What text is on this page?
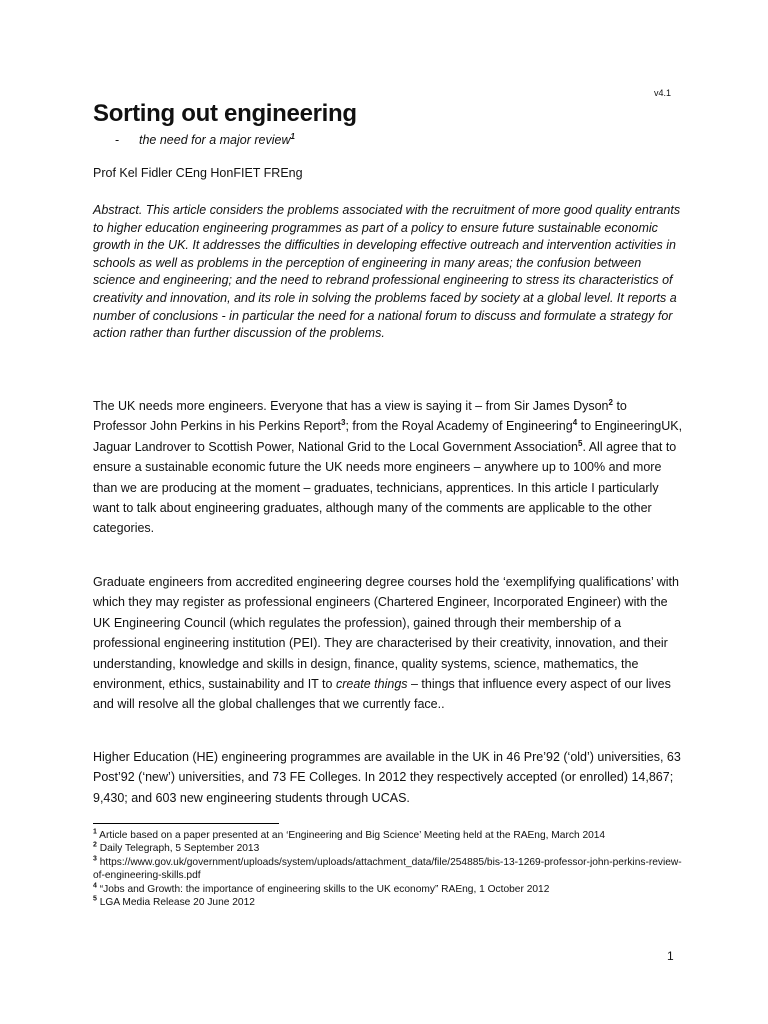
v4.1
Sorting out engineering
- the need for a major review$^1$
Prof Kel Fidler CEng HonFIET FREng

Abstract. This article considers the problems associated with the recruitment of more good quality entrants to higher education engineering programmes as part of a policy to ensure future sustainable economic growth in the UK. It addresses the difficulties in developing effective outreach and intervention activities in schools as well as problems in the perception of engineering in many areas; the confusion between science and engineering; and the need to rebrand professional engineering to stress its characteristics of creativity and innovation, and its role in solving the problems faced by society at a global level. It reports a number of conclusions - in particular the need for a national forum to discuss and formulate a strategy for action rather than further discussion of the problems.

The UK needs more engineers. Everyone that has a view is saying it – from Sir James Dyson$^2$ to Professor John Perkins in his Perkins Report$^3$; from the Royal Academy of Engineering$^4$ to EngineeringUK, Jaguar Landrover to Scottish Power, National Grid to the Local Government Association$^5$. All agree that to ensure a sustainable economic future the UK needs more engineers – anywhere up to 100% and more than we are producing at the moment – graduates, technicians, apprentices. In this article I particularly want to talk about engineering graduates, although many of the comments are applicable to the other categories.

Graduate engineers from accredited engineering degree courses hold the ‘exemplifying qualifications’ with which they may register as professional engineers (Chartered Engineer, Incorporated Engineer) with the UK Engineering Council (which regulates the profession), gained through their membership of a professional engineering institution (PEI). They are characterised by their creativity, innovation, and their understanding, knowledge and skills in design, finance, quality systems, science, mathematics, the environment, ethics, sustainability and IT to create things – things that influence every aspect of our lives and will resolve all the global challenges that we currently face..

Higher Education (HE) engineering programmes are available in the UK in 46 Pre’92 (‘old’) universities, 63 Post’92 (‘new’) universities, and 73 FE Colleges. In 2012 they respectively accepted (or enrolled) 14,867; 9,430; and 603 new engineering students through UCAS.

$^1$ Article based on a paper presented at an ‘Engineering and Big Science’ Meeting held at the RAEng, March 2014

$^2$ Daily Telegraph, 5 September 2013

$^3$ https://www.gov.uk/government/uploads/system/uploads/attachment_data/file/254885/bis-13-1269-professor-john-perkins-review-of-engineering-skills.pdf

$^4$ “Jobs and Growth: the importance of engineering skills to the UK economy” RAEng, 1 October 2012

$^5$ LGA Media Release 20 June 2012

1
